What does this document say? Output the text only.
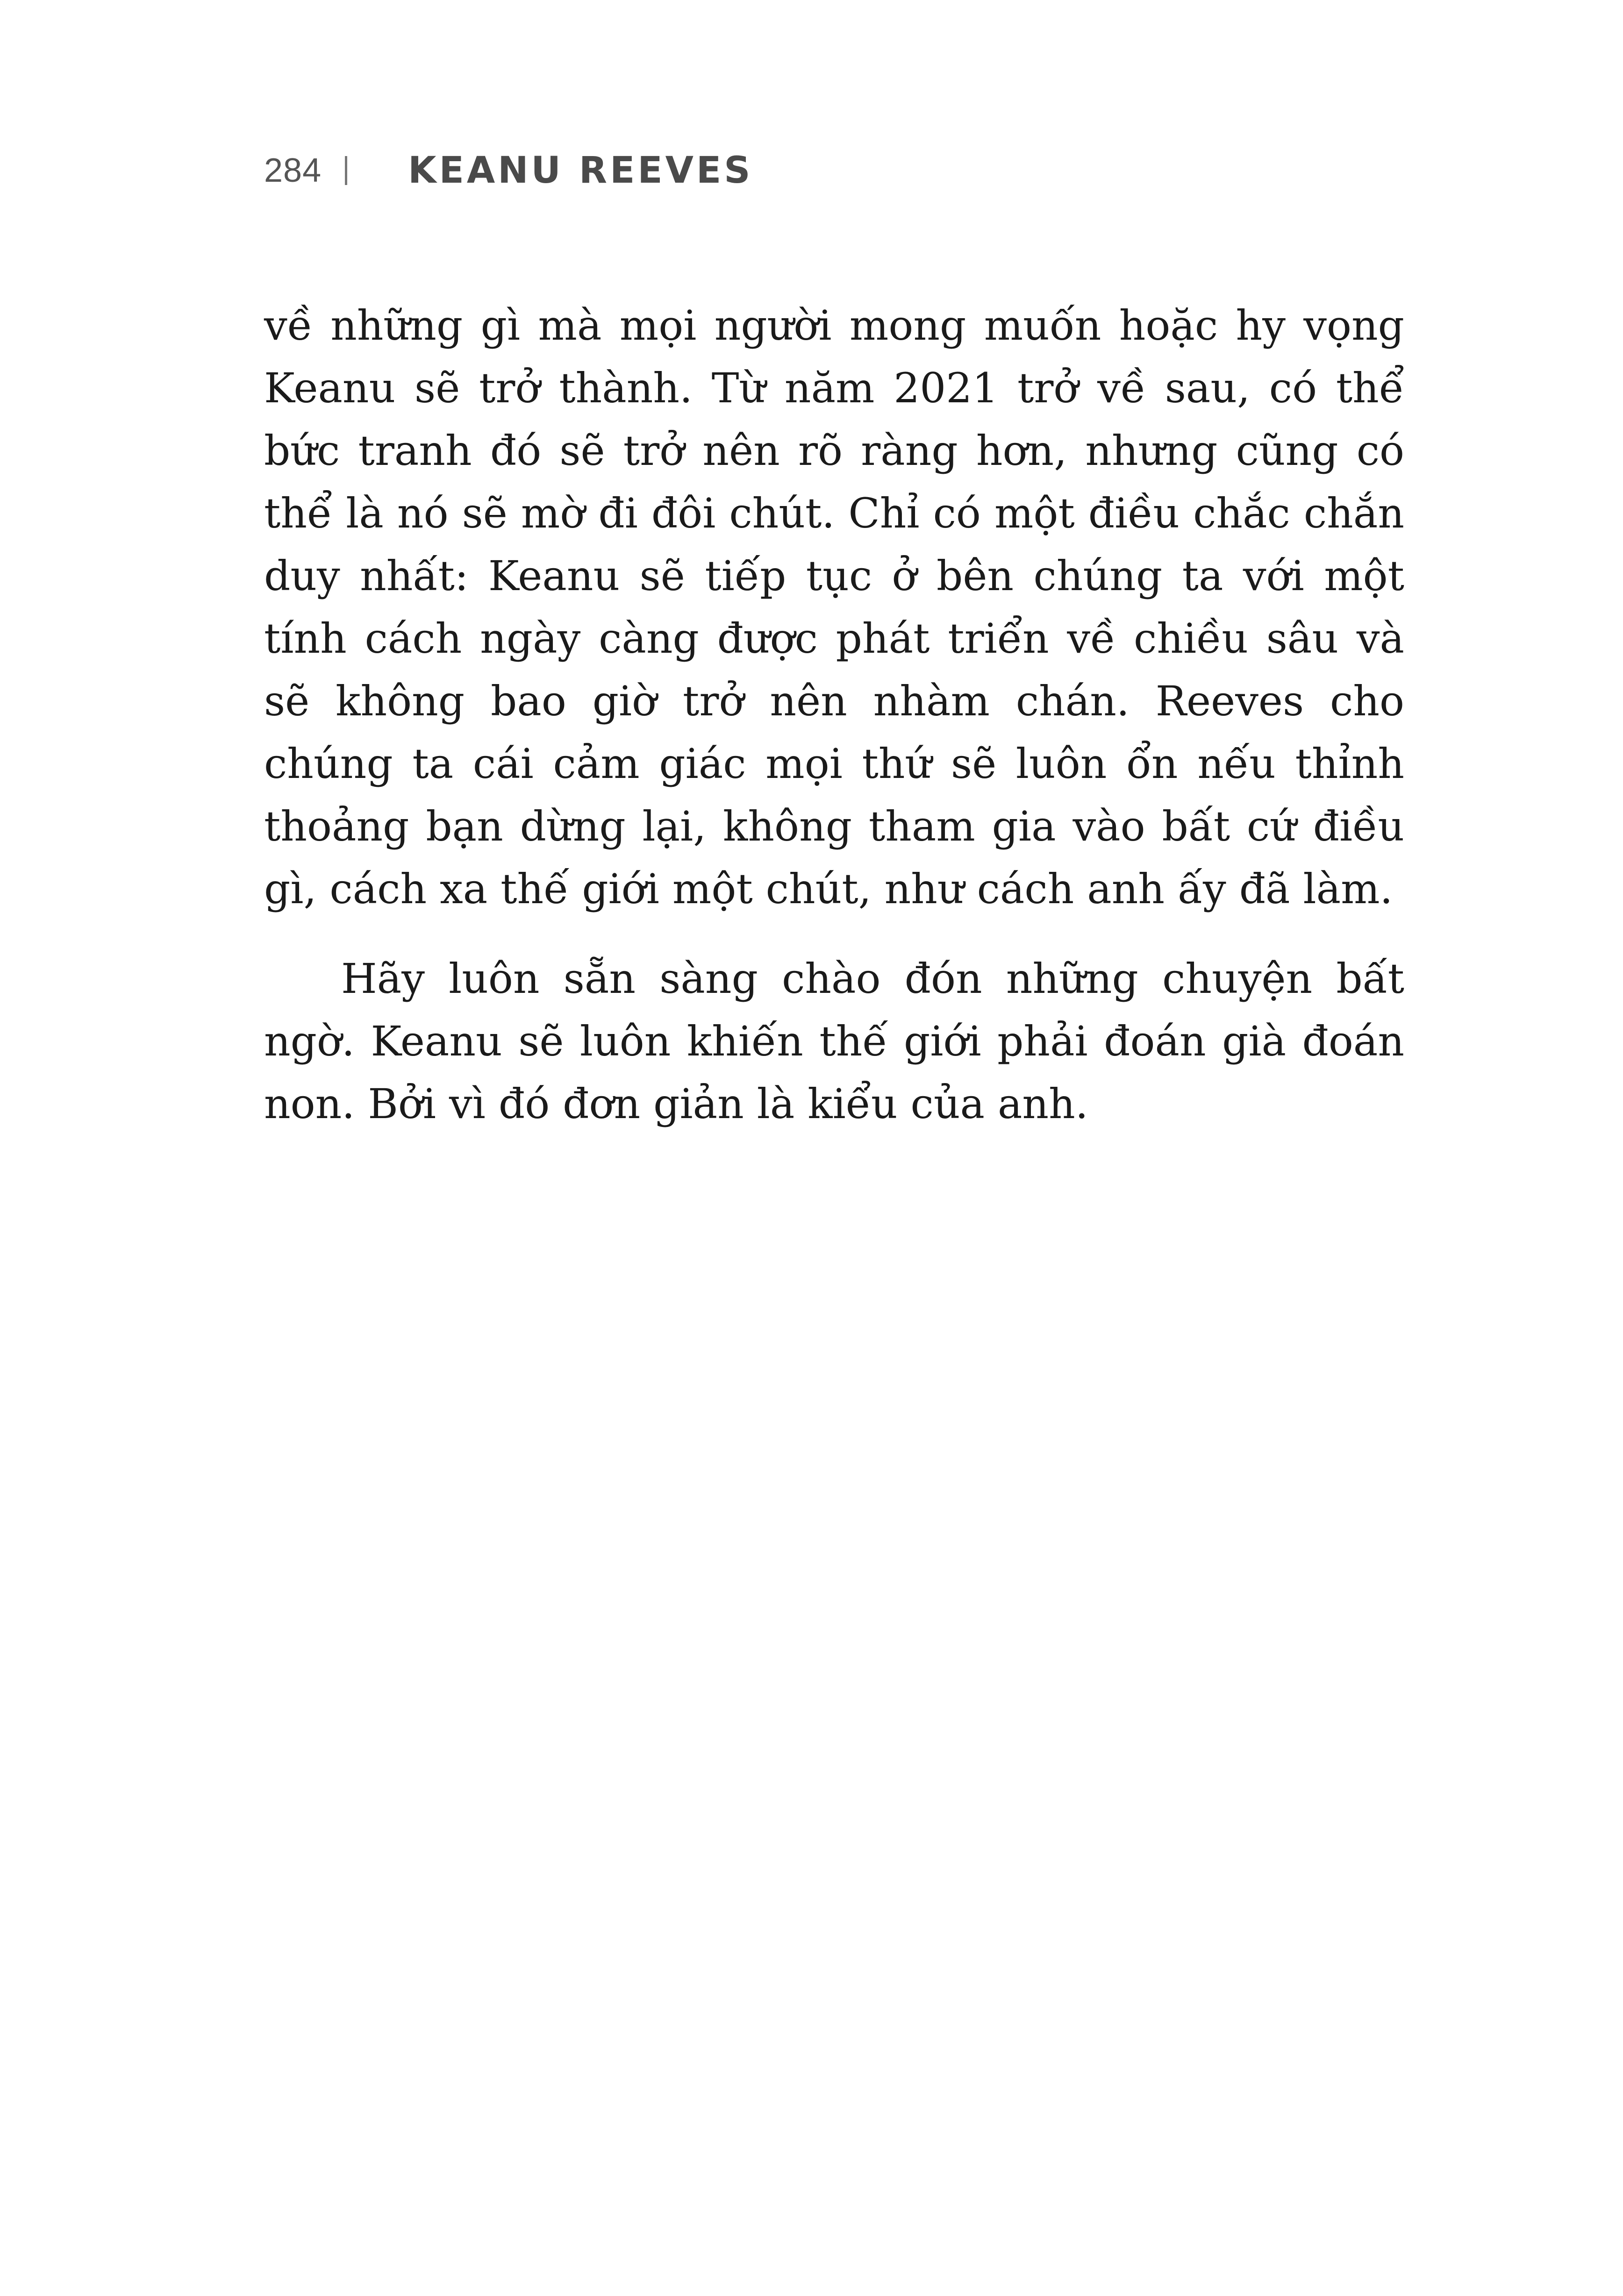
284 KEANU REEVES

về những gì mà mọi người mong muốn hoặc hy vọng Keanu sẽ trở thành. Từ năm 2021 trở về sau, có thể bức tranh đó sẽ trở nên rõ ràng hơn, nhưng cũng có thể là nó sẽ mờ đi đôi chút. Chỉ có một điều chắc chắn duy nhất: Keanu sẽ tiếp tục ở bên chúng ta với một tính cách ngày càng được phát triển về chiều sâu và sẽ không bao giờ trở nên nhàm chán. Reeves cho chúng ta cái cảm giác mọi thứ sẽ luôn ổn nếu thỉnh thoảng bạn dừng lại, không tham gia vào bất cứ điều gì, cách xa thế giới một chút, như cách anh ấy đã làm.

Hãy luôn sẵn sàng chào đón những chuyện bất ngờ. Keanu sẽ luôn khiến thế giới phải đoán già đoán non. Bởi vì đó đơn giản là kiểu của anh.
